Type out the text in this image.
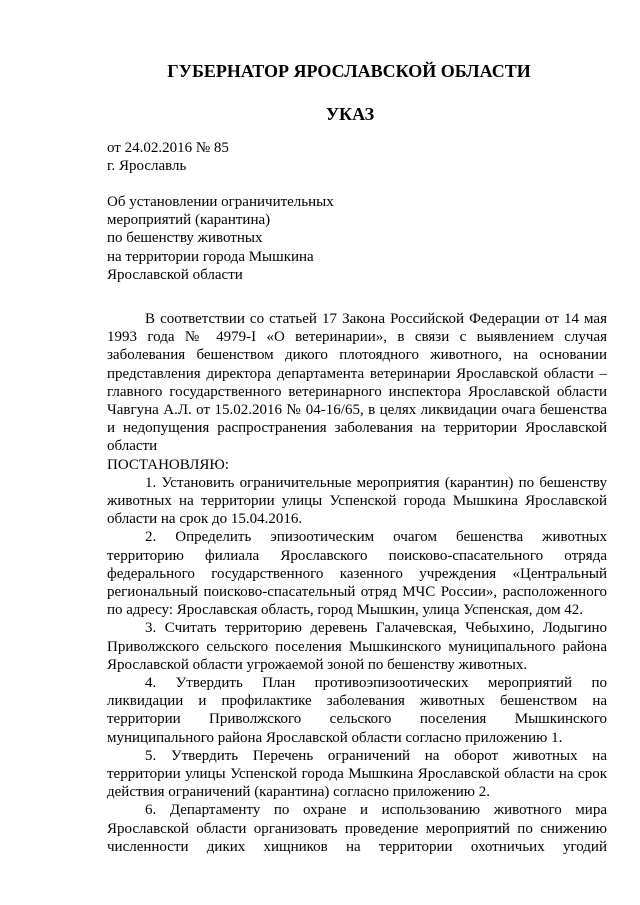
ГУБЕРНАТОР ЯРОСЛАВСКОЙ ОБЛАСТИ
УКАЗ
от 24.02.2016 № 85
г. Ярославль
Об установлении ограничительных
мероприятий (карантина)
по бешенству животных
на территории города Мышкина
Ярославской области

В соответствии со статьей 17 Закона Российской Федерации от 14 мая 1993 года № 4979-I «О ветеринарии», в связи с выявлением случая заболевания бешенством дикого плотоядного животного, на основании представления директора департамента ветеринарии Ярославской области – главного государственного ветеринарного инспектора Ярославской области Чавгуна А.Л. от 15.02.2016 № 04-16/65, в целях ликвидации очага бешенства и недопущения распространения заболевания на территории Ярославской области

ПОСТАНОВЛЯЮ:

1. Установить ограничительные мероприятия (карантин) по бешенству животных на территории улицы Успенской города Мышкина Ярославской области на срок до 15.04.2016.

2. Определить эпизоотическим очагом бешенства животных территорию филиала Ярославского поисково-спасательного отряда федерального государственного казенного учреждения «Центральный региональный поисково-спасательный отряд МЧС России», расположенного по адресу: Ярославская область, город Мышкин, улица Успенская, дом 42.

3. Считать территорию деревень Галачевская, Чебыхино, Лодыгино Приволжского сельского поселения Мышкинского муниципального района Ярославской области угрожаемой зоной по бешенству животных.

4. Утвердить План противоэпизоотических мероприятий по ликвидации и профилактике заболевания животных бешенством на территории Приволжского сельского поселения Мышкинского муниципального района Ярославской области согласно приложению 1.

5. Утвердить Перечень ограничений на оборот животных на территории улицы Успенской города Мышкина Ярославской области на срок действия ограничений (карантина) согласно приложению 2.

6. Департаменту по охране и использованию животного мира Ярославской области организовать проведение мероприятий по снижению численности диких хищников на территории охотничьих угодий
